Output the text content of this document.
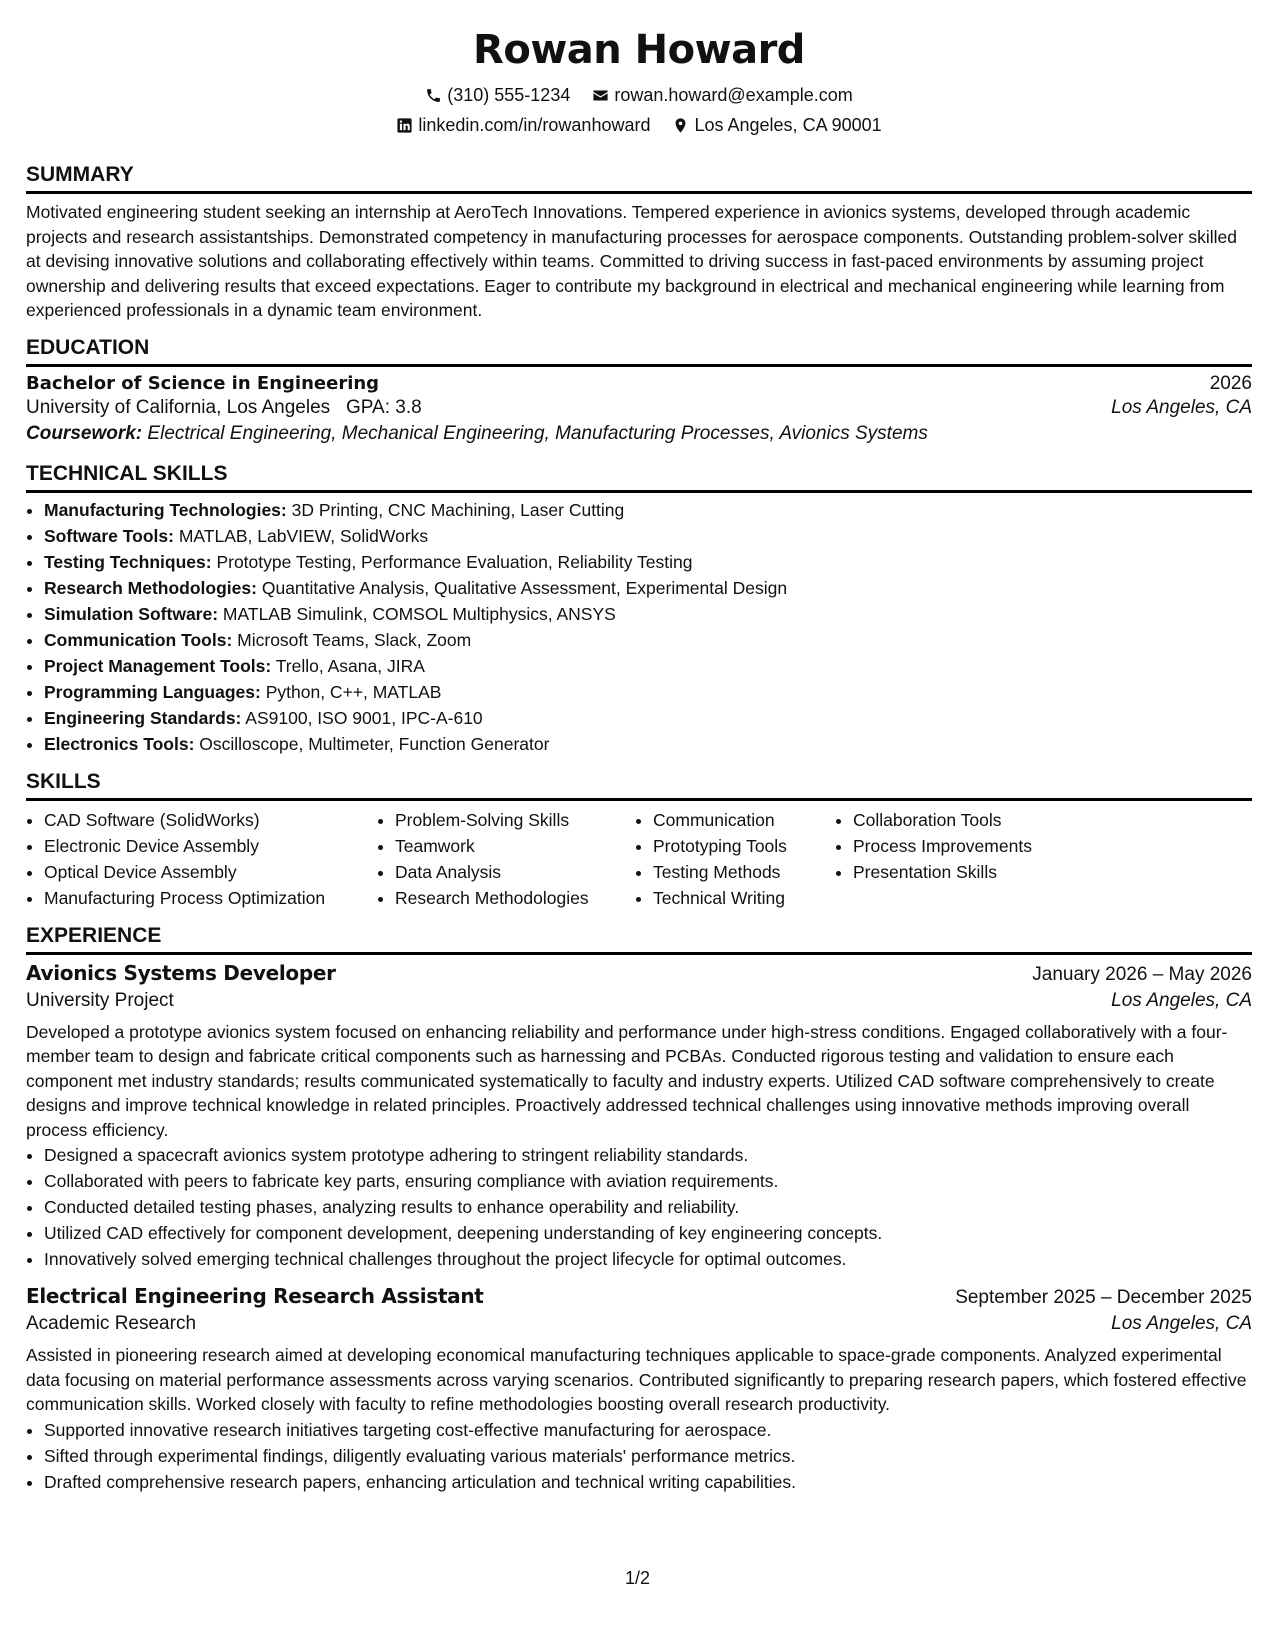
Rowan Howard
(310) 555-1234 rowan.howard@example.com
linkedin.com/in/rowanhoward Los Angeles, CA 90001
SUMMARY

Motivated engineering student seeking an internship at AeroTech Innovations. Tempered experience in avionics systems, developed through academic projects and research assistantships. Demonstrated competency in manufacturing processes for aerospace components. Outstanding problem-solver skilled at devising innovative solutions and collaborating effectively within teams. Committed to driving success in fast-paced environments by assuming project ownership and delivering results that exceed expectations. Eager to contribute my background in electrical and mechanical engineering while learning from experienced professionals in a dynamic team environment.

EDUCATION
Bachelor of Science in Engineering	2026
University of California, Los Angeles GPA: 3.8	Los Angeles, CA
Coursework: Electrical Engineering, Mechanical Engineering, Manufacturing Processes, Avionics Systems
TECHNICAL SKILLS
• Manufacturing Technologies: 3D Printing, CNC Machining, Laser Cutting
• Software Tools: MATLAB, LabVIEW, SolidWorks
• Testing Techniques: Prototype Testing, Performance Evaluation, Reliability Testing
• Research Methodologies: Quantitative Analysis, Qualitative Assessment, Experimental Design
• Simulation Software: MATLAB Simulink, COMSOL Multiphysics, ANSYS
• Communication Tools: Microsoft Teams, Slack, Zoom
• Project Management Tools: Trello, Asana, JIRA
• Programming Languages: Python, C++, MATLAB
• Engineering Standards: AS9100, ISO 9001, IPC-A-610
• Electronics Tools: Oscilloscope, Multimeter, Function Generator
SKILLS
• CAD Software (SolidWorks)
• Electronic Device Assembly
• Optical Device Assembly
• Manufacturing Process Optimization
• Problem-Solving Skills
• Teamwork
• Data Analysis
• Research Methodologies
• Communication
• Prototyping Tools
• Testing Methods
• Technical Writing
• Collaboration Tools
• Process Improvements
• Presentation Skills
EXPERIENCE
Avionics Systems Developer	January 2026 – May 2026
University Project	Los Angeles, CA

Developed a prototype avionics system focused on enhancing reliability and performance under high-stress conditions. Engaged collaboratively with a four-member team to design and fabricate critical components such as harnessing and PCBAs. Conducted rigorous testing and validation to ensure each component met industry standards; results communicated systematically to faculty and industry experts. Utilized CAD software comprehensively to create designs and improve technical knowledge in related principles. Proactively addressed technical challenges using innovative methods improving overall process efficiency.

• Designed a spacecraft avionics system prototype adhering to stringent reliability standards.
• Collaborated with peers to fabricate key parts, ensuring compliance with aviation requirements.
• Conducted detailed testing phases, analyzing results to enhance operability and reliability.
• Utilized CAD effectively for component development, deepening understanding of key engineering concepts.
• Innovatively solved emerging technical challenges throughout the project lifecycle for optimal outcomes.
Electrical Engineering Research Assistant	September 2025 – December 2025
Academic Research	Los Angeles, CA

Assisted in pioneering research aimed at developing economical manufacturing techniques applicable to space-grade components. Analyzed experimental data focusing on material performance assessments across varying scenarios. Contributed significantly to preparing research papers, which fostered effective communication skills. Worked closely with faculty to refine methodologies boosting overall research productivity.

• Supported innovative research initiatives targeting cost-effective manufacturing for aerospace.
• Sifted through experimental findings, diligently evaluating various materials' performance metrics.
• Drafted comprehensive research papers, enhancing articulation and technical writing capabilities.
1/2
